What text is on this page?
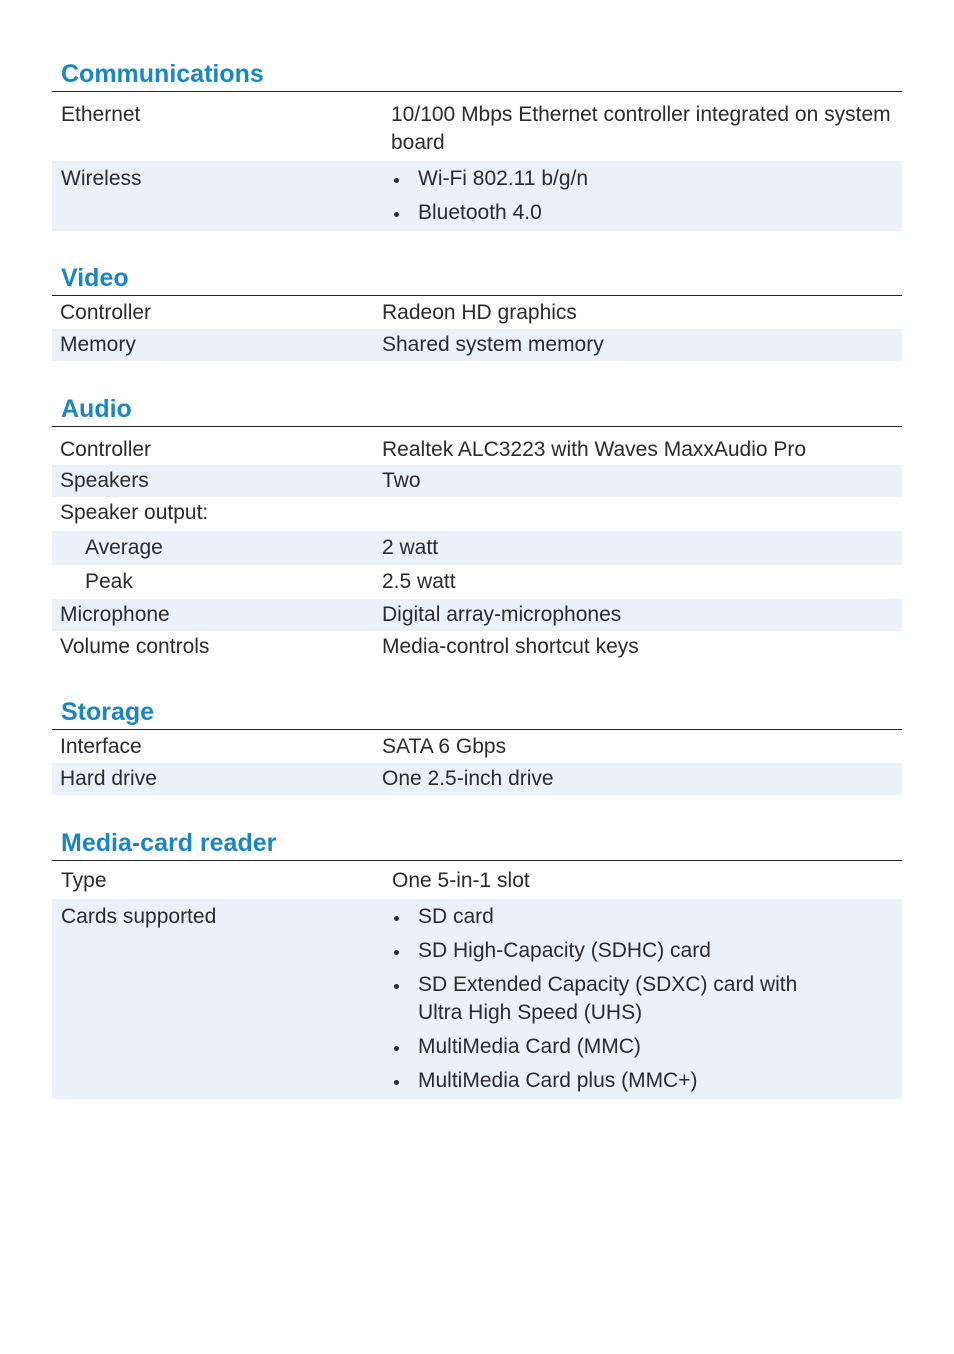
Communications
Ethernet	10/100 Mbps Ethernet controller integrated on system board
Wireless	Wi-Fi 802.11 b/g/n
Bluetooth 4.0
Video
Controller	Radeon HD graphics
Memory	Shared system memory
Audio
Controller	Realtek ALC3223 with Waves MaxxAudio Pro
Speakers	Two
Speaker output:
Average	2 watt
Peak	2.5 watt
Microphone	Digital array-microphones
Volume controls	Media-control shortcut keys
Storage
Interface	SATA 6 Gbps
Hard drive	One 2.5-inch drive
Media-card reader
Type	One 5-in-1 slot
Cards supported	SD card
SD High-Capacity (SDHC) card
SD Extended Capacity (SDXC) card with Ultra High Speed (UHS)
MultiMedia Card (MMC)
MultiMedia Card plus (MMC+)
